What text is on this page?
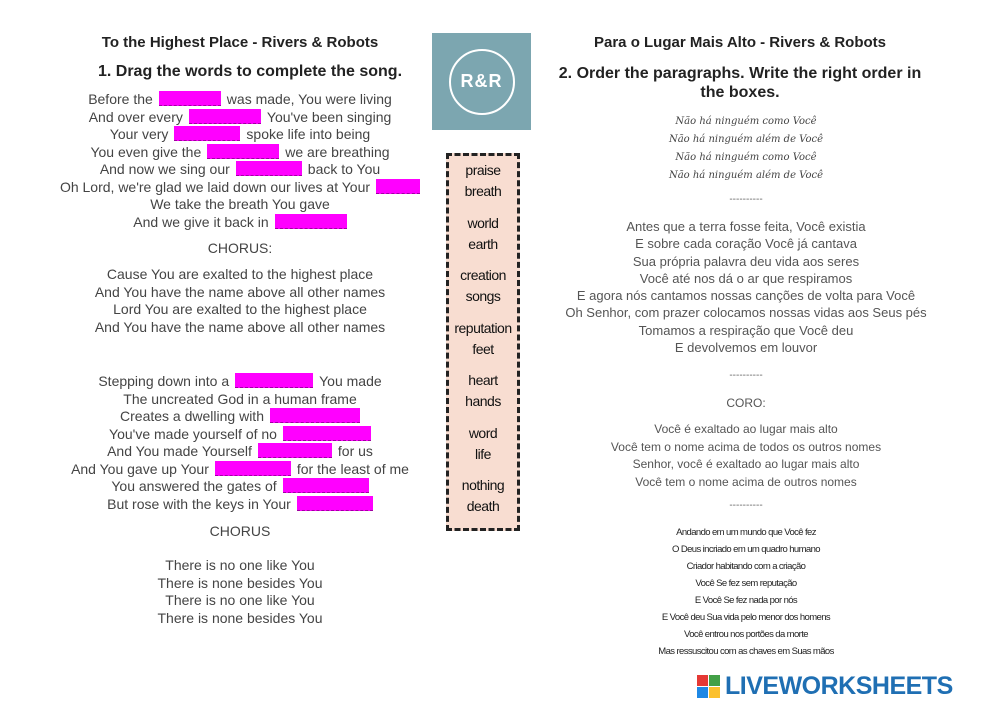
To the Highest Place - Rivers & Robots
1. Drag the words to complete the song.
Before the	was made, You were living
And over every	You've been singing
Your very	spoke life into being
You even give the	we are breathing
And now we sing our	back to You
Oh Lord, we're glad we laid down our lives at Your
We take the breath You gave
And we give it back in
CHORUS:
Cause You are exalted to the highest place
And You have the name above all other names
Lord You are exalted to the highest place
And You have the name above all other names
Stepping down into a	You made
The uncreated God in a human frame
Creates a dwelling with
You've made yourself of no
And You made Yourself	for us
And You gave up Your	for the least of me
You answered the gates of
But rose with the keys in Your
CHORUS
There is no one like You
There is none besides You
There is no one like You
There is none besides You
R&R
praise
breath
world
earth
creation
songs
reputation
feet
heart
hands
word
life
nothing
death
Para o Lugar Mais Alto - Rivers & Robots
2. Order the paragraphs. Write the right order in
the boxes.
Não há ninguém como Você
Não há ninguém além de Você
Não há ninguém como Você
Não há ninguém além de Você
----------
Antes que a terra fosse feita, Você existia
E sobre cada coração Você já cantava
Sua própria palavra deu vida aos seres
Você até nos dá o ar que respiramos
E agora nós cantamos nossas canções de volta para Você
Oh Senhor, com prazer colocamos nossas vidas aos Seus pés
Tomamos a respiração que Você deu
E devolvemos em louvor
----------
CORO:
Você é exaltado ao lugar mais alto
Você tem o nome acima de todos os outros nomes
Senhor, você é exaltado ao lugar mais alto
Você tem o nome acima de outros nomes
----------
Andando em um mundo que Você fez
O Deus incriado em um quadro humano
Criador habitando com a criação
Você Se fez sem reputação
E Você Se fez nada por nós
E Você deu Sua vida pelo menor dos homens
Você entrou nos portões da morte
Mas ressuscitou com as chaves em Suas mãos
LIVEWORKSHEETS
